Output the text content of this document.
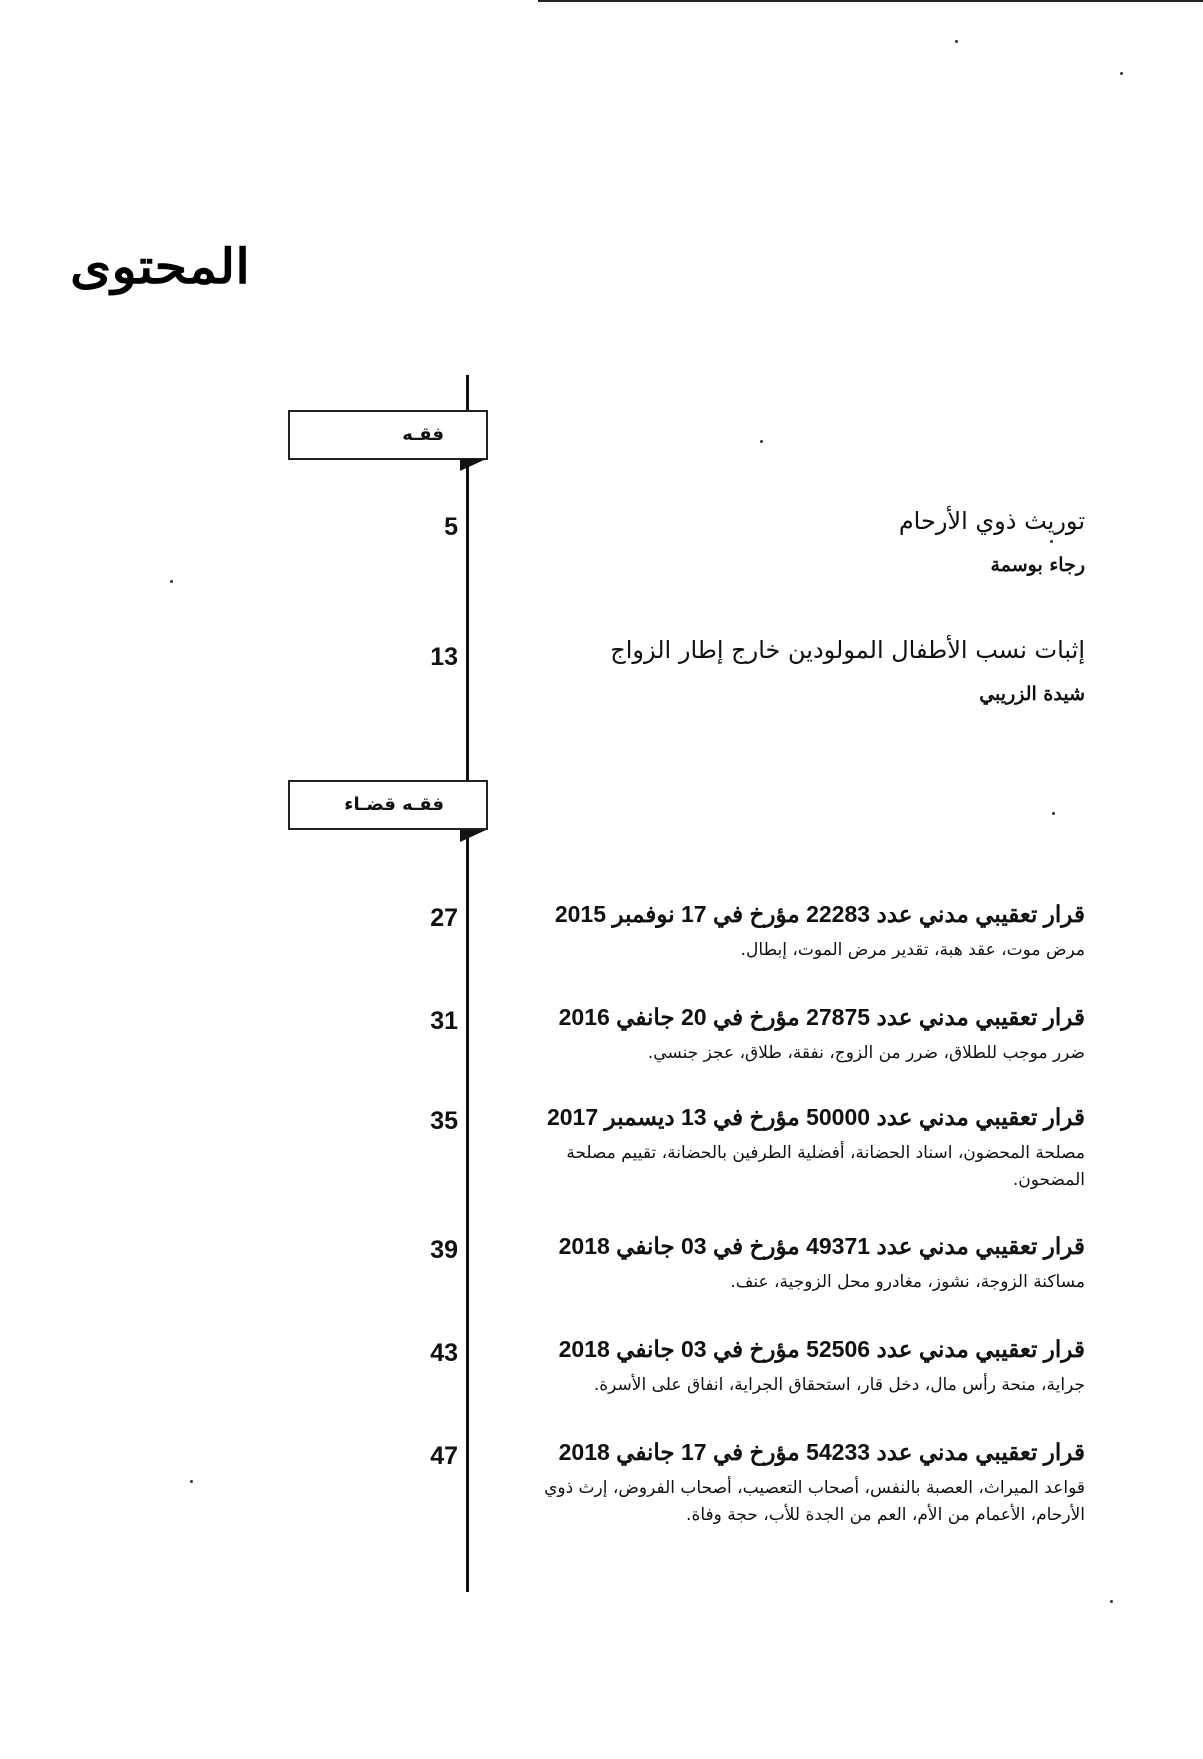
المحتوى
فقـه
5	توريث ذوي الأرحام
رجاء بوسمة
13	إثبات نسب الأطفال المولودين خارج إطار الزواج
شيدة الزريبي
فقـه قضـاء
27	قرار تعقيبي مدني عدد 22283 مؤرخ في 17 نوفمبر 2015
مرض موت، عقد هبة، تقدير مرض الموت، إبطال.
31	قرار تعقيبي مدني عدد 27875 مؤرخ في 20 جانفي 2016
ضرر موجب للطلاق، ضرر من الزوج، نفقة، طلاق، عجز جنسي.
35	قرار تعقيبي مدني عدد 50000 مؤرخ في 13 ديسمبر 2017
مصلحة المحضون، اسناد الحضانة، أفضلية الطرفين بالحضانة، تقييم مصلحة المضحون.
39	قرار تعقيبي مدني عدد 49371 مؤرخ في 03 جانفي 2018
مساكنة الزوجة، نشوز، مغادرو محل الزوجية، عنف.
43	قرار تعقيبي مدني عدد 52506 مؤرخ في 03 جانفي 2018
جراية، منحة رأس مال، دخل قار، استحقاق الجراية، انفاق على الأسرة.
47	قرار تعقيبي مدني عدد 54233 مؤرخ في 17 جانفي 2018
قواعد الميراث، العصبة بالنفس، أصحاب التعصيب، أصحاب الفروض، إرث ذوي الأرحام، الأعمام من الأم، العم من الجدة للأب، حجة وفاة.
